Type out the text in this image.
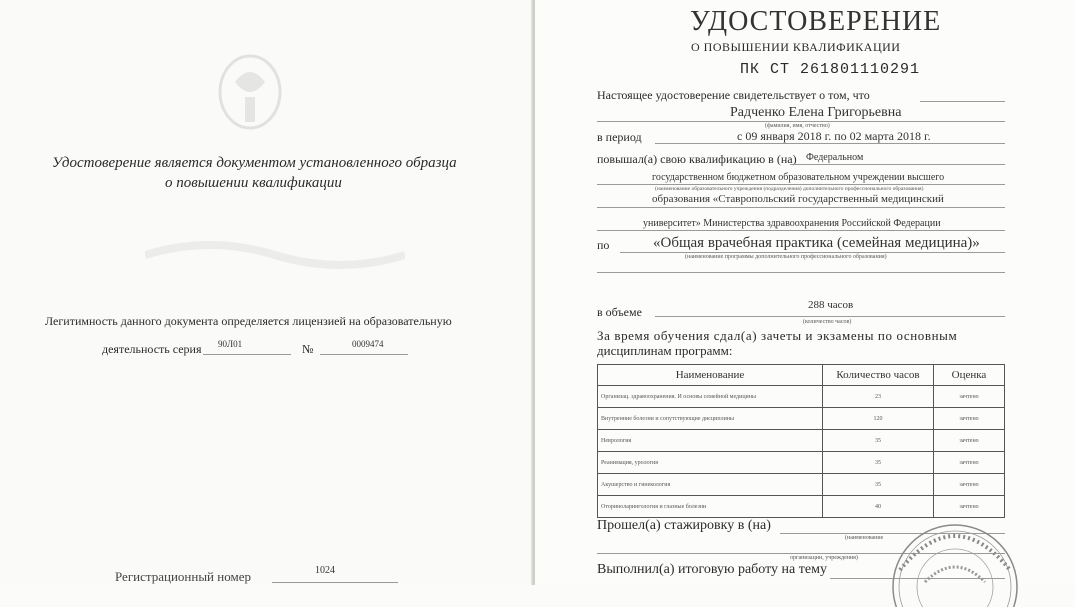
Удостоверение является документом установленного образца
о повышении квалификации
Легитимность данного документа определяется лицензией на образовательную
деятельность серия 90Л01	№	0009474
Регистрационный номер	1024
УДОСТОВЕРЕНИЕ
О ПОВЫШЕНИИ КВАЛИФИКАЦИИ
ПК СТ 261801110291
Настоящее удостоверение свидетельствует о том, что
Радченко Елена Григорьевна
(фамилия, имя, отчество)
в период	с 09 января 2018 г. по 02 марта 2018 г.
повышал(а) свою квалификацию в (на) Федеральном
государственном бюджетном образовательном учреждении высшего
(наименование образовательного учреждения (подразделения) дополнительного профессионального образования)
образования «Ставропольский государственный медицинский
университет» Министерства здравоохранения Российской Федерации
по	«Общая врачебная практика (семейная медицина)»
(наименование программы дополнительного профессионального образования)
в объеме	288 часов
(количество часов)
За время обучения сдал(а) зачеты и экзамены по основным
дисциплинам программ:
Наименование	Количество часов	Оценка
Организац. здравоохранения. И основы семейной медицины	23	зачтено
Внутренние болезни и сопутствующие дисциплины	120	зачтено
Неврология	35	зачтено
Реанимация, урология	35	зачтено
Акушерство и гинекология	35	зачтено
Оторинолaрингология и глазные болезни	40	зачтено
Прошел(а) стажировку в (на)
(наименование
организации, учреждения)
Выполнил(а) итоговую работу на тему
